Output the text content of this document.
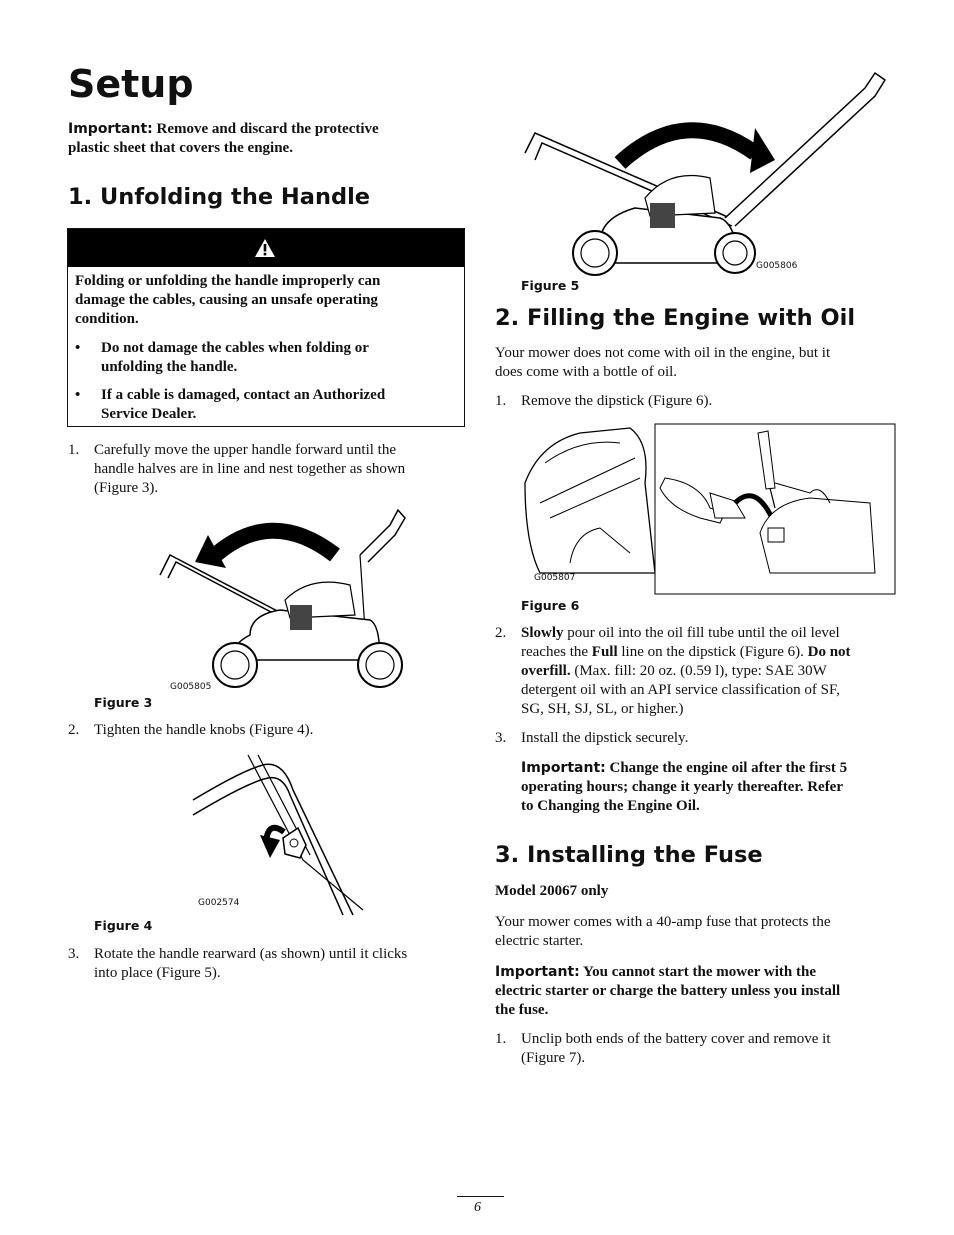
Setup
Important: Remove and discard the protective
plastic sheet that covers the engine.
1. Unfolding the Handle
Folding or unfolding the handle improperly can
damage the cables, causing an unsafe operating
condition.
• Do not damage the cables when folding or
unfolding the handle.
• If a cable is damaged, contact an Authorized
Service Dealer.
1. Carefully move the upper handle forward until the
handle halves are in line and nest together as shown
(Figure 3).
G005805
Figure 3
2. Tighten the handle knobs (Figure 4).
G002574
Figure 4
3. Rotate the handle rearward (as shown) until it clicks
into place (Figure 5).
G005806
Figure 5
2. Filling the Engine with Oil
Your mower does not come with oil in the engine, but it
does come with a bottle of oil.
1. Remove the dipstick (Figure 6).
G005807
Figure 6
2. Slowly pour oil into the oil fill tube until the oil level
reaches the Full line on the dipstick (Figure 6). Do not
overfill. (Max. fill: 20 oz. (0.59 l), type: SAE 30W
detergent oil with an API service classification of SF,
SG, SH, SJ, SL, or higher.)
3. Install the dipstick securely.
Important: Change the engine oil after the first 5
operating hours; change it yearly thereafter. Refer
to Changing the Engine Oil.
3. Installing the Fuse
Model 20067 only
Your mower comes with a 40-amp fuse that protects the
electric starter.
Important: You cannot start the mower with the
electric starter or charge the battery unless you install
the fuse.
1. Unclip both ends of the battery cover and remove it
(Figure 7).
6
